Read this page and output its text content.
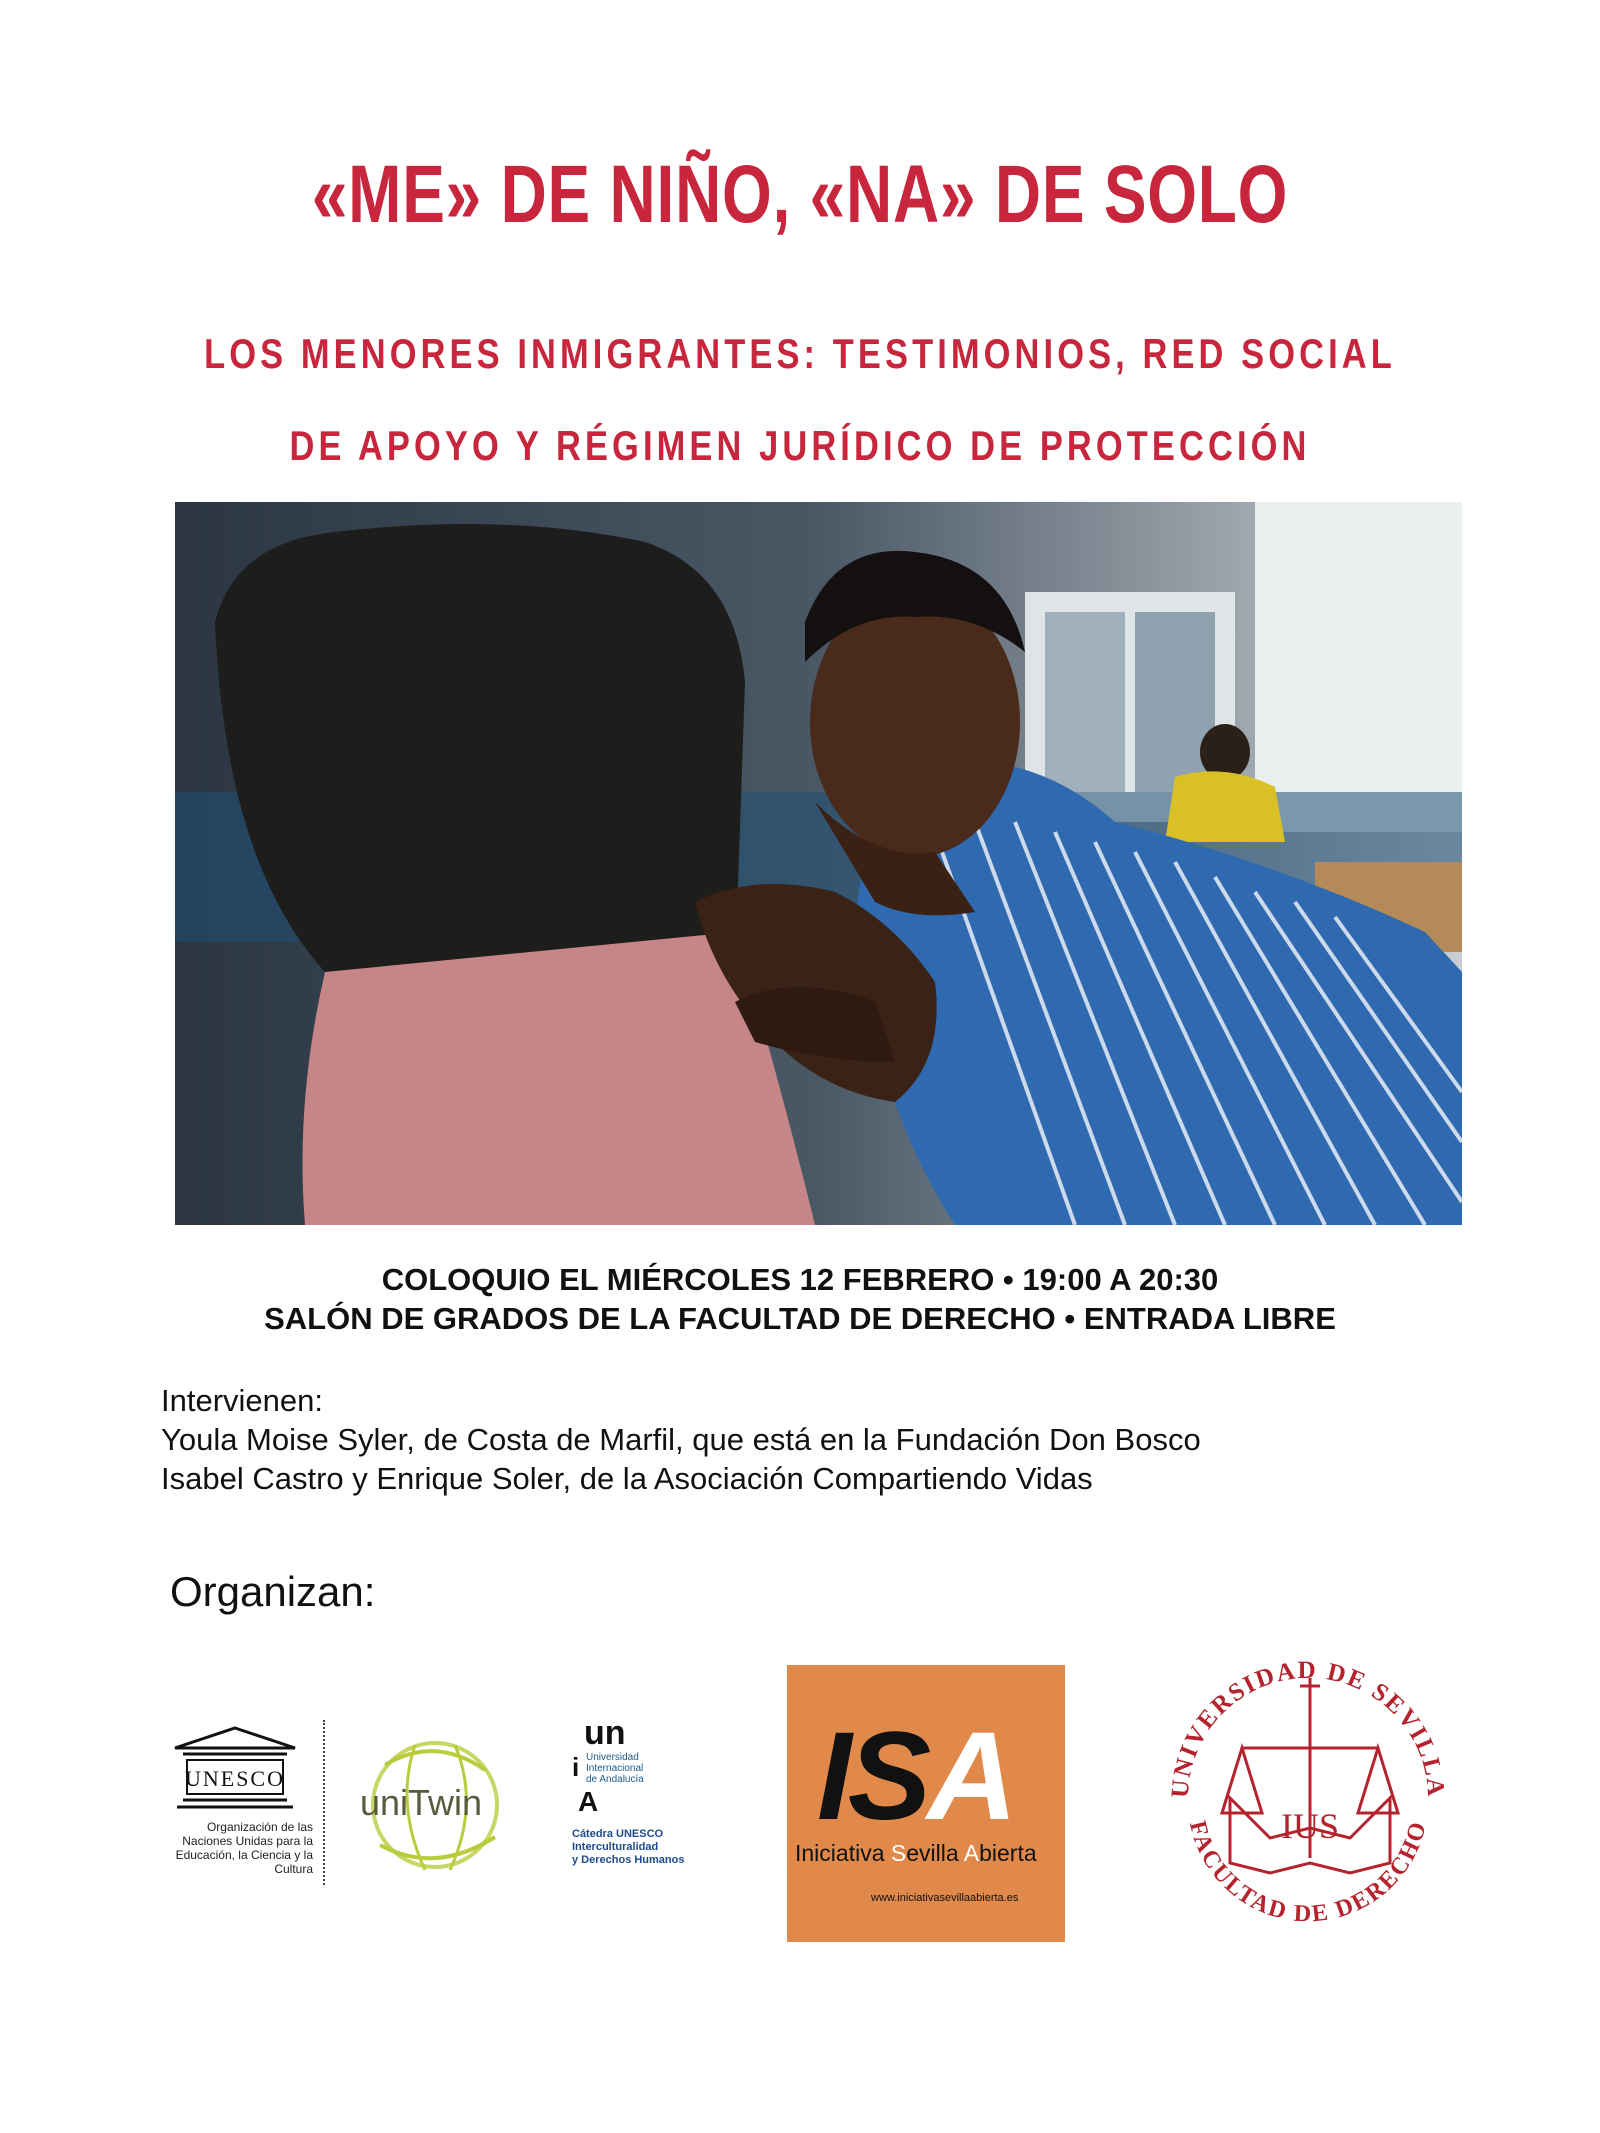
«ME» DE NIÑO, «NA» DE SOLO
LOS MENORES INMIGRANTES: TESTIMONIOS, RED SOCIAL
DE APOYO Y RÉGIMEN JURÍDICO DE PROTECCIÓN
COLOQUIO EL MIÉRCOLES 12 FEBRERO • 19:00 A 20:30
SALÓN DE GRADOS DE LA FACULTAD DE DERECHO • ENTRADA LIBRE
Intervienen:
Youla Moise Syler, de Costa de Marfil, que está en la Fundación Don Bosco
Isabel Castro y Enrique Soler, de la Asociación Compartiendo Vidas
Organizan:
UNESCO
Organización de las Naciones Unidas para la Educación, la Ciencia y la Cultura
uniTwin
un
i
A
Universidad
Internacional
de Andalucía
Cátedra UNESCO
Interculturalidad
y Derechos Humanos
ISA
Iniciativa Sevilla Abierta
www.iniciativasevillaabierta.es
UNIVERSIDAD DE SEVILLA
FACULTAD DE DERECHO
IUS
